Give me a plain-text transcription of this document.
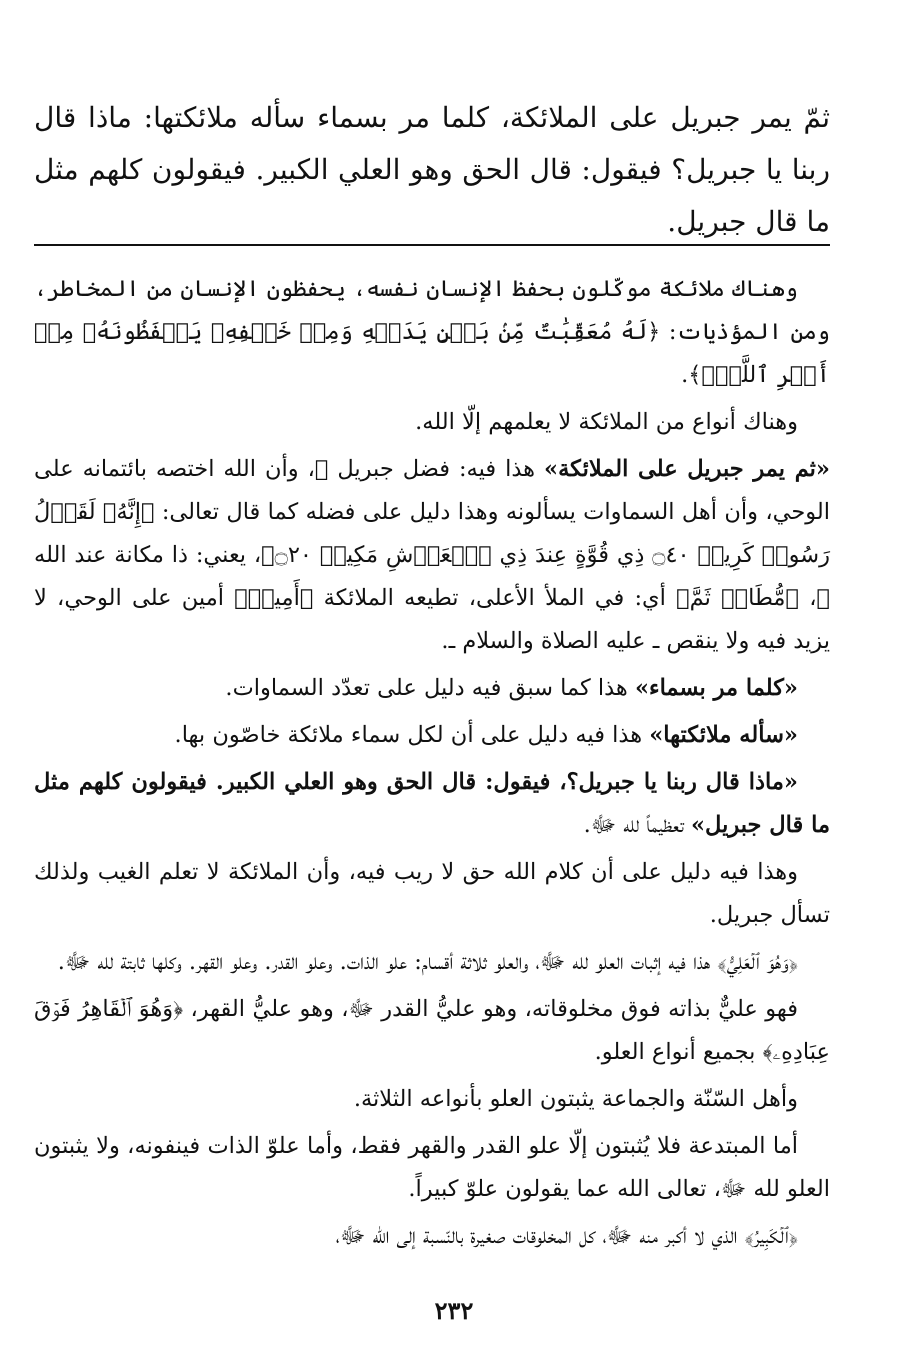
ثمّ يمر جبريل على الملائكة، كلما مر بسماء سأله ملائكتها: ماذا قال ربنا يا جبريل؟ فيقول: قال الحق وهو العلي الكبير. فيقولون كلهم مثل ما قال جبريل.

وهناك ملائكة موكّلون بحفظ الإنسان نفسه، يحفظون الإنسان من المخاطر، ومن المؤذيات: ﴿لَهُ مُعَقِّبَٰتٌ مِّنۢ بَيۡنِ يَدَيۡهِ وَمِنۡ خَلۡفِهِۦ يَحۡفَظُونَهُۥ مِنۡ أَمۡرِ ٱللَّهِۗ﴾.

وهناك أنواع من الملائكة لا يعلمهم إلّا الله.

«ثم يمر جبريل على الملائكة» هذا فيه: فضل جبريل ﷺ، وأن الله اختصه بائتمانه على الوحي، وأن أهل السماوات يسألونه وهذا دليل على فضله كما قال تعالى: ﴿إِنَّهُۥ لَقَوۡلُ رَسُولٖ كَرِيمٖ ۝٤٠ ذِي قُوَّةٍ عِندَ ذِي ٱلۡعَرۡشِ مَكِينٖ ۝٢٠﴾، يعني: ذا مكانة عند الله ﷻ، ﴿مُّطَاعٖ ثَمَّ﴾ أي: في الملأ الأعلى، تطيعه الملائكة ﴿أَمِينٖ﴾ أمين على الوحي، لا يزيد فيه ولا ينقص ـ عليه الصلاة والسلام ـ.

«كلما مر بسماء» هذا كما سبق فيه دليل على تعدّد السماوات.

«سأله ملائكتها» هذا فيه دليل على أن لكل سماء ملائكة خاصّون بها.

«ماذا قال ربنا يا جبريل؟، فيقول: قال الحق وهو العلي الكبير. فيقولون كلهم مثل ما قال جبريل» تعظيماً لله ﷻ.

وهذا فيه دليل على أن كلام الله حق لا ريب فيه، وأن الملائكة لا تعلم الغيب ولذلك تسأل جبريل.

﴿وَهُوَ ٱلۡعَلِيُّ﴾ هذا فيه إثبات العلو لله ﷻ، والعلو ثلاثة أقسام: علو الذات. وعلو القدر. وعلو القهر. وكلها ثابتة لله ﷻ.

فهو عليٌّ بذاته فوق مخلوقاته، وهو عليُّ القدر ﷻ، وهو عليُّ القهر، ﴿وَهُوَ ٱلۡقَاهِرُ فَوۡقَ عِبَادِهِۦ﴾ بجميع أنواع العلو.

وأهل السّنّة والجماعة يثبتون العلو بأنواعه الثلاثة.

أما المبتدعة فلا يُثبتون إلّا علو القدر والقهر فقط، وأما علوّ الذات فينفونه، ولا يثبتون العلو لله ﷻ، تعالى الله عما يقولون علوّ كبيراً.

﴿ٱلۡكَبِيرُ﴾ الذي لا أكبر منه ﷻ، كل المخلوقات صغيرة بالنّسبة إلى الله ﷻ،

٢٣٢
